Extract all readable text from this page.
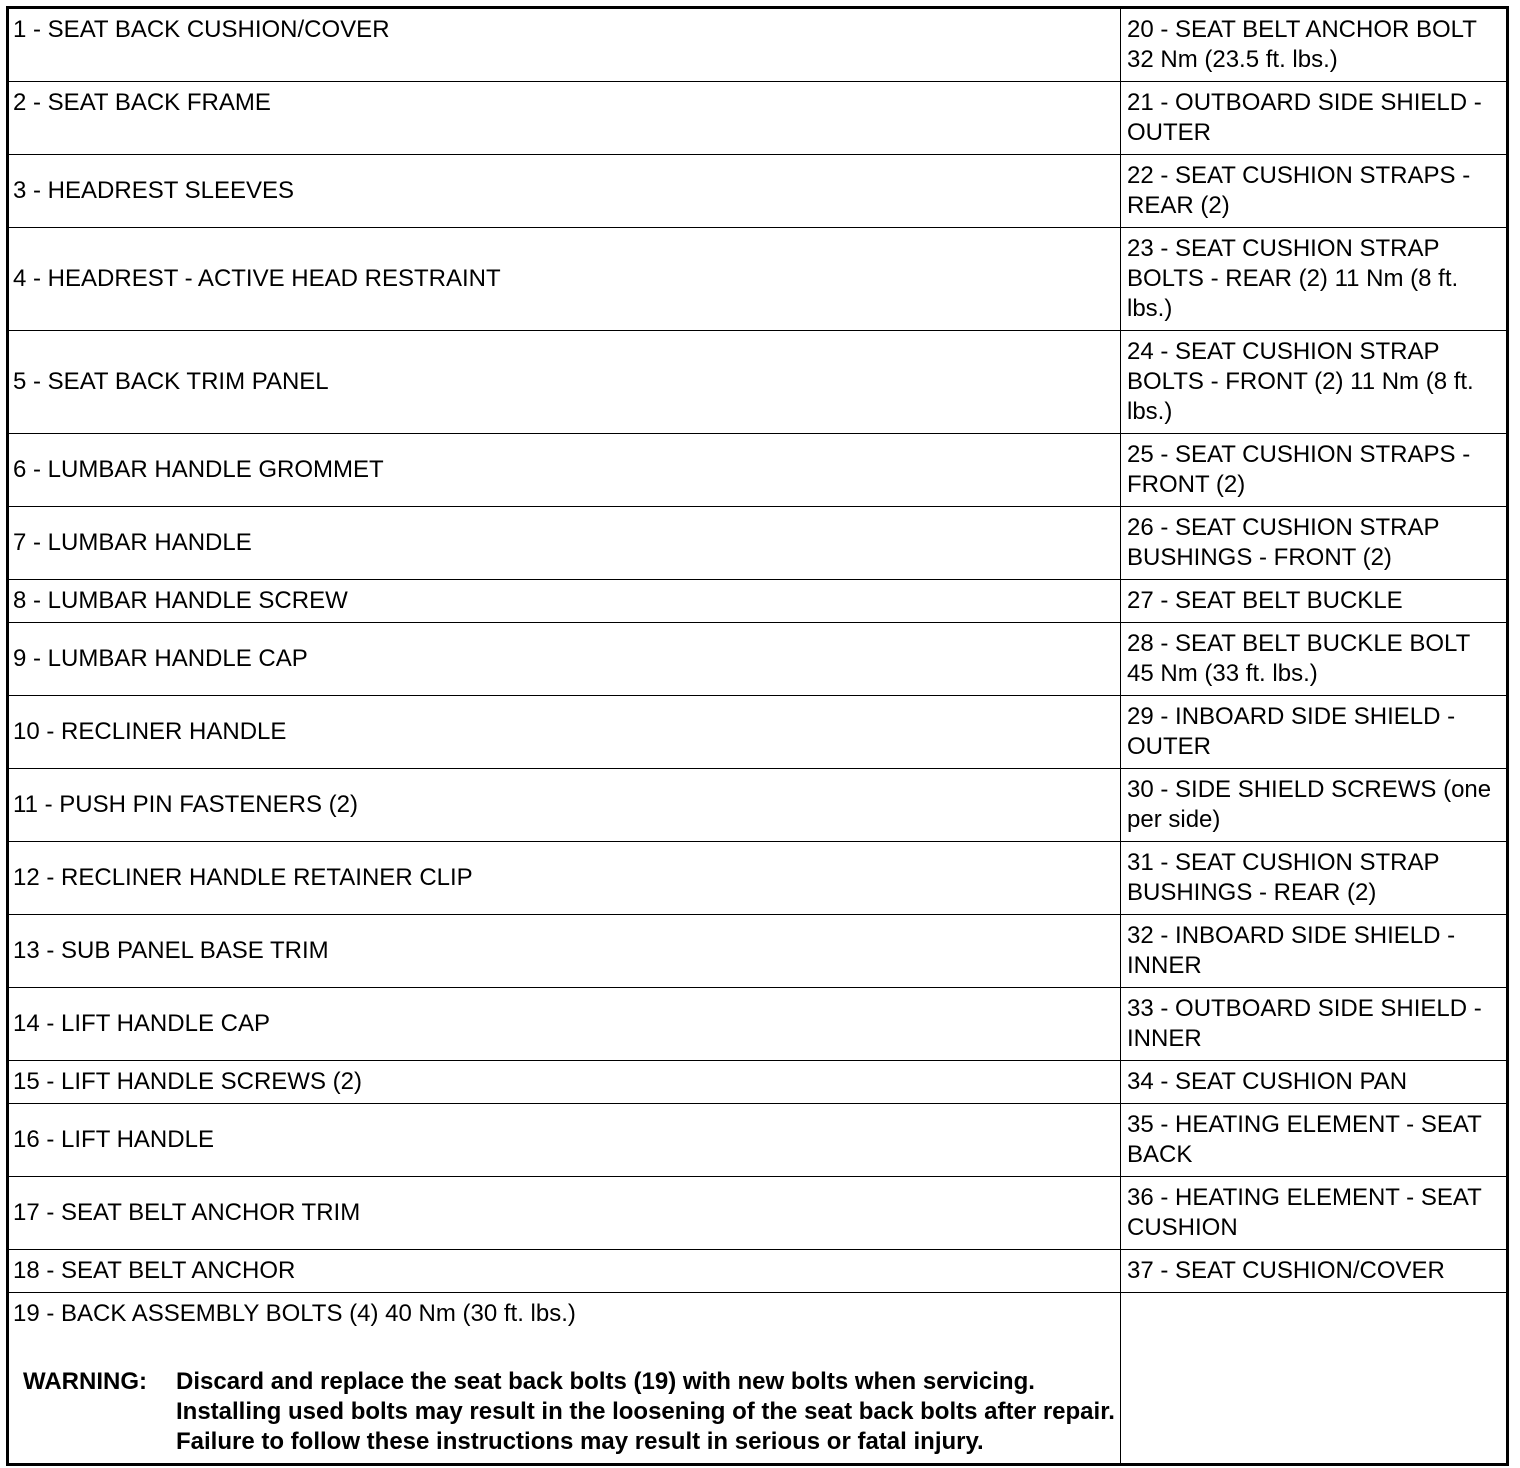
1 - SEAT BACK CUSHION/COVER	20 - SEAT BELT ANCHOR BOLT 32 Nm (23.5 ft. lbs.)
2 - SEAT BACK FRAME	21 - OUTBOARD SIDE SHIELD - OUTER
3 - HEADREST SLEEVES	22 - SEAT CUSHION STRAPS - REAR (2)
4 - HEADREST - ACTIVE HEAD RESTRAINT	23 - SEAT CUSHION STRAP BOLTS - REAR (2) 11 Nm (8 ft. lbs.)
5 - SEAT BACK TRIM PANEL	24 - SEAT CUSHION STRAP BOLTS - FRONT (2) 11 Nm (8 ft. lbs.)
6 - LUMBAR HANDLE GROMMET	25 - SEAT CUSHION STRAPS - FRONT (2)
7 - LUMBAR HANDLE	26 - SEAT CUSHION STRAP BUSHINGS - FRONT (2)
8 - LUMBAR HANDLE SCREW	27 - SEAT BELT BUCKLE
9 - LUMBAR HANDLE CAP	28 - SEAT BELT BUCKLE BOLT 45 Nm (33 ft. lbs.)
10 - RECLINER HANDLE	29 - INBOARD SIDE SHIELD - OUTER
11 - PUSH PIN FASTENERS (2)	30 - SIDE SHIELD SCREWS (one per side)
12 - RECLINER HANDLE RETAINER CLIP	31 - SEAT CUSHION STRAP BUSHINGS - REAR (2)
13 - SUB PANEL BASE TRIM	32 - INBOARD SIDE SHIELD - INNER
14 - LIFT HANDLE CAP	33 - OUTBOARD SIDE SHIELD - INNER
15 - LIFT HANDLE SCREWS (2)	34 - SEAT CUSHION PAN
16 - LIFT HANDLE	35 - HEATING ELEMENT - SEAT BACK
17 - SEAT BELT ANCHOR TRIM	36 - HEATING ELEMENT - SEAT CUSHION
18 - SEAT BELT ANCHOR	37 - SEAT CUSHION/COVER

19 - BACK ASSEMBLY BOLTS (4) 40 Nm (30 ft. lbs.)
WARNING: Discard and replace the seat back bolts (19) with new bolts when servicing. Installing used bolts may result in the loosening of the seat back bolts after repair. Failure to follow these instructions may result in serious or fatal injury.	
